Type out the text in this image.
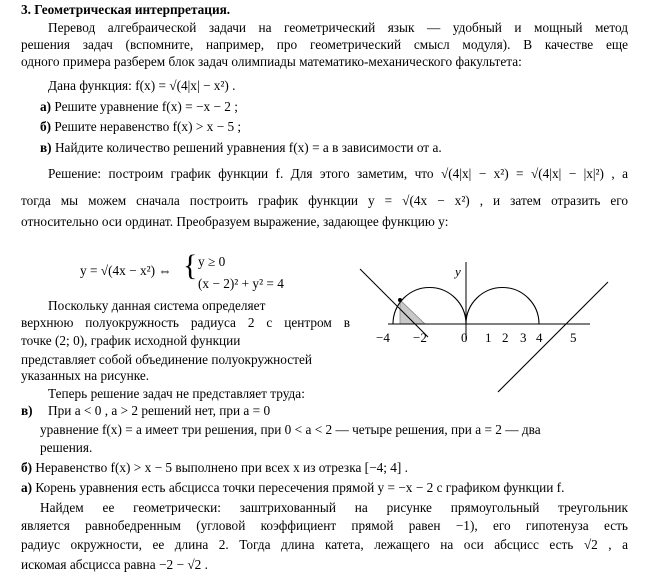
3. Геометрическая интерпретация.
Перевод алгебраической задачи на геометрический язык — удобный и мощный метод
решения задач (вспомните, например, про геометрический смысл модуля). В качестве еще
одного примера разберем блок задач олимпиады математико-механического факультета:
Дана функция: f(x) = √(4|x| − x²) .
а) Решите уравнение f(x) = −x − 2 ;
б) Решите неравенство f(x) > x − 5 ;
в) Найдите количество решений уравнения f(x) = a в зависимости от a.
Решение: построим график функции f. Для этого заметим, что √(4|x| − x²) = √(4|x| − |x|²) , а
тогда мы можем сначала построить график функции y = √(4x − x²) , и затем отразить его
относительно оси ординат. Преобразуем выражение, задающее функцию y:
y = √(4x − x²) ⇔ { y ≥ 0
(x − 2)² + y² = 4
Поскольку данная система определяет
верхнюю полуокружность радиуса 2 с центром в
точке (2; 0), график исходной функции
представляет собой объединение полуокружностей
указанных на рисунке.
Теперь решение задач не представляет труда:
в) При a < 0 , a > 2 решений нет, при a = 0
уравнение f(x) = a имеет три решения, при 0 < a < 2 — четыре решения, при a = 2 — два
решения.
б) Неравенство f(x) > x − 5 выполнено при всех x из отрезка [−4; 4] .
а) Корень уравнения есть абсцисса точки пересечения прямой y = −x − 2 с графиком функции f.
Найдем ее геометрически: заштрихованный на рисунке прямоугольный треугольник
является равнобедренным (угловой коэффициент прямой равен −1), его гипотенуза есть
радиус окружности, ее длина 2. Тогда длина катета, лежащего на оси абсцисс есть √2 , а
искомая абсцисса равна −2 − √2 .
y
−4 −2	0 1 2 3 4 5
